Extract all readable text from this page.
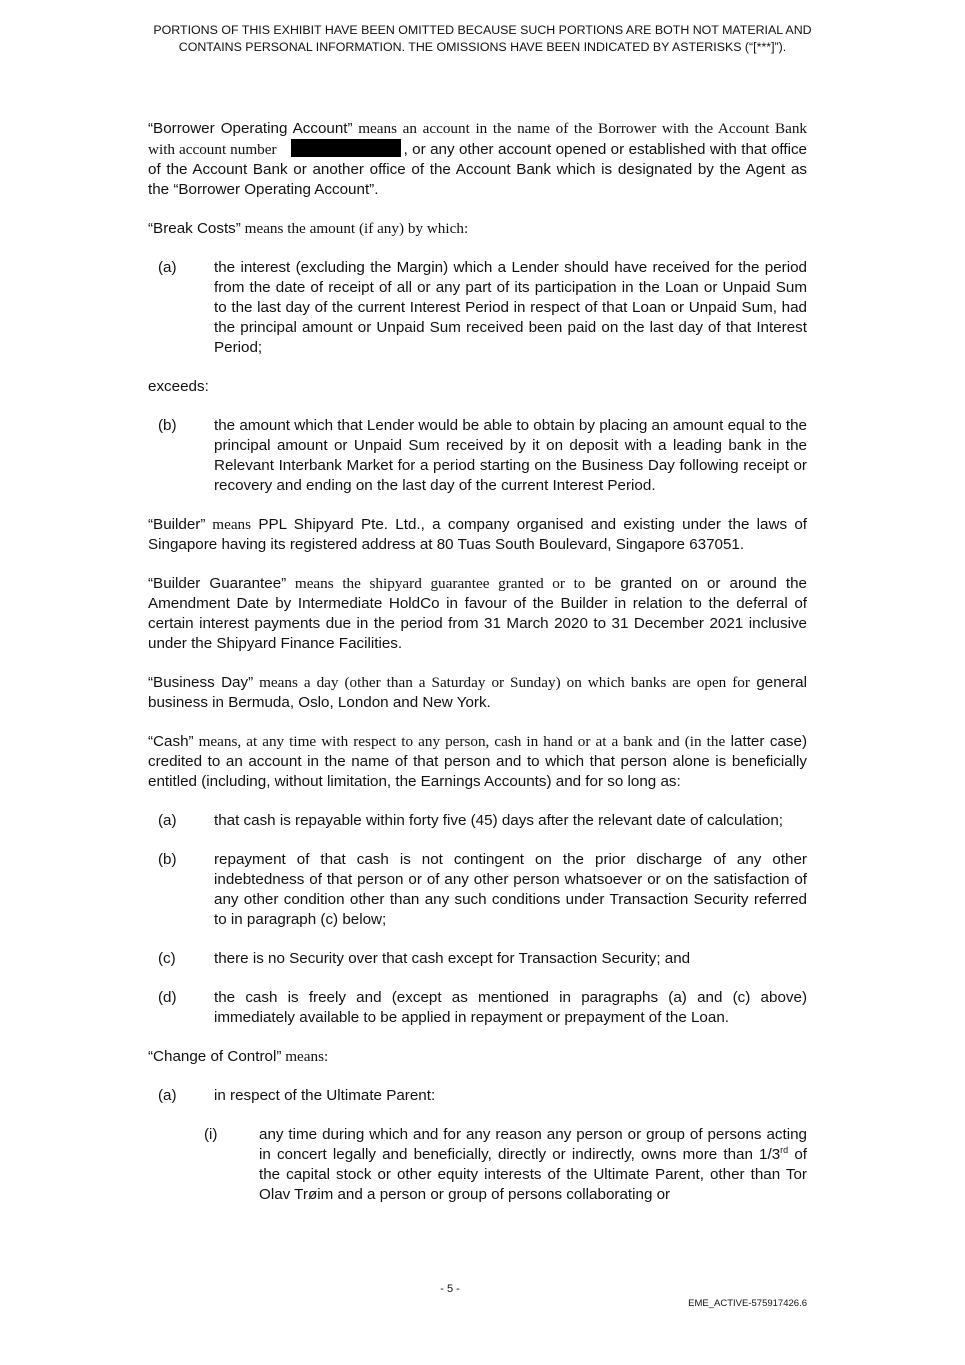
PORTIONS OF THIS EXHIBIT HAVE BEEN OMITTED BECAUSE SUCH PORTIONS ARE BOTH NOT MATERIAL AND
CONTAINS PERSONAL INFORMATION. THE OMISSIONS HAVE BEEN INDICATED BY ASTERISKS (“[***]”).

“Borrower Operating Account” means an account in the name of the Borrower with the Account Bank with account number	, or any other account opened or established with that office of the Account Bank or another office of the Account Bank which is designated by the Agent as the “Borrower Operating Account”.

“Break Costs” means the amount (if any) by which:

(a) the interest (excluding the Margin) which a Lender should have received for the period from the date of receipt of all or any part of its participation in the Loan or Unpaid Sum to the last day of the current Interest Period in respect of that Loan or Unpaid Sum, had the principal amount or Unpaid Sum received been paid on the last day of that Interest Period;

exceeds:

(b) the amount which that Lender would be able to obtain by placing an amount equal to the principal amount or Unpaid Sum received by it on deposit with a leading bank in the Relevant Interbank Market for a period starting on the Business Day following receipt or recovery and ending on the last day of the current Interest Period.

“Builder” means PPL Shipyard Pte. Ltd., a company organised and existing under the laws of Singapore having its registered address at 80 Tuas South Boulevard, Singapore 637051.

“Builder Guarantee” means the shipyard guarantee granted or to be granted on or around the Amendment Date by Intermediate HoldCo in favour of the Builder in relation to the deferral of certain interest payments due in the period from 31 March 2020 to 31 December 2021 inclusive under the Shipyard Finance Facilities.

“Business Day” means a day (other than a Saturday or Sunday) on which banks are open for general business in Bermuda, Oslo, London and New York.

“Cash” means, at any time with respect to any person, cash in hand or at a bank and (in the latter case) credited to an account in the name of that person and to which that person alone is beneficially entitled (including, without limitation, the Earnings Accounts) and for so long as:

(a) that cash is repayable within forty five (45) days after the relevant date of calculation;
(b) repayment of that cash is not contingent on the prior discharge of any other indebtedness of that person or of any other person whatsoever or on the satisfaction of any other condition other than any such conditions under Transaction Security referred to in paragraph (c) below;
(c)	there is no Security over that cash except for Transaction Security; and
(d) the cash is freely and (except as mentioned in paragraphs (a) and (c) above) immediately available to be applied in repayment or prepayment of the Loan.

“Change of Control” means:

(a) in respect of the Ultimate Parent:
(i)	any time during which and for any reason any person or group of persons acting in concert legally and beneficially, directly or indirectly, owns more than 1/3rd of the capital stock or other equity interests of the Ultimate Parent, other than Tor Olav Trøim and a person or group of persons collaborating or
- 5 -
EME_ACTIVE-575917426.6
